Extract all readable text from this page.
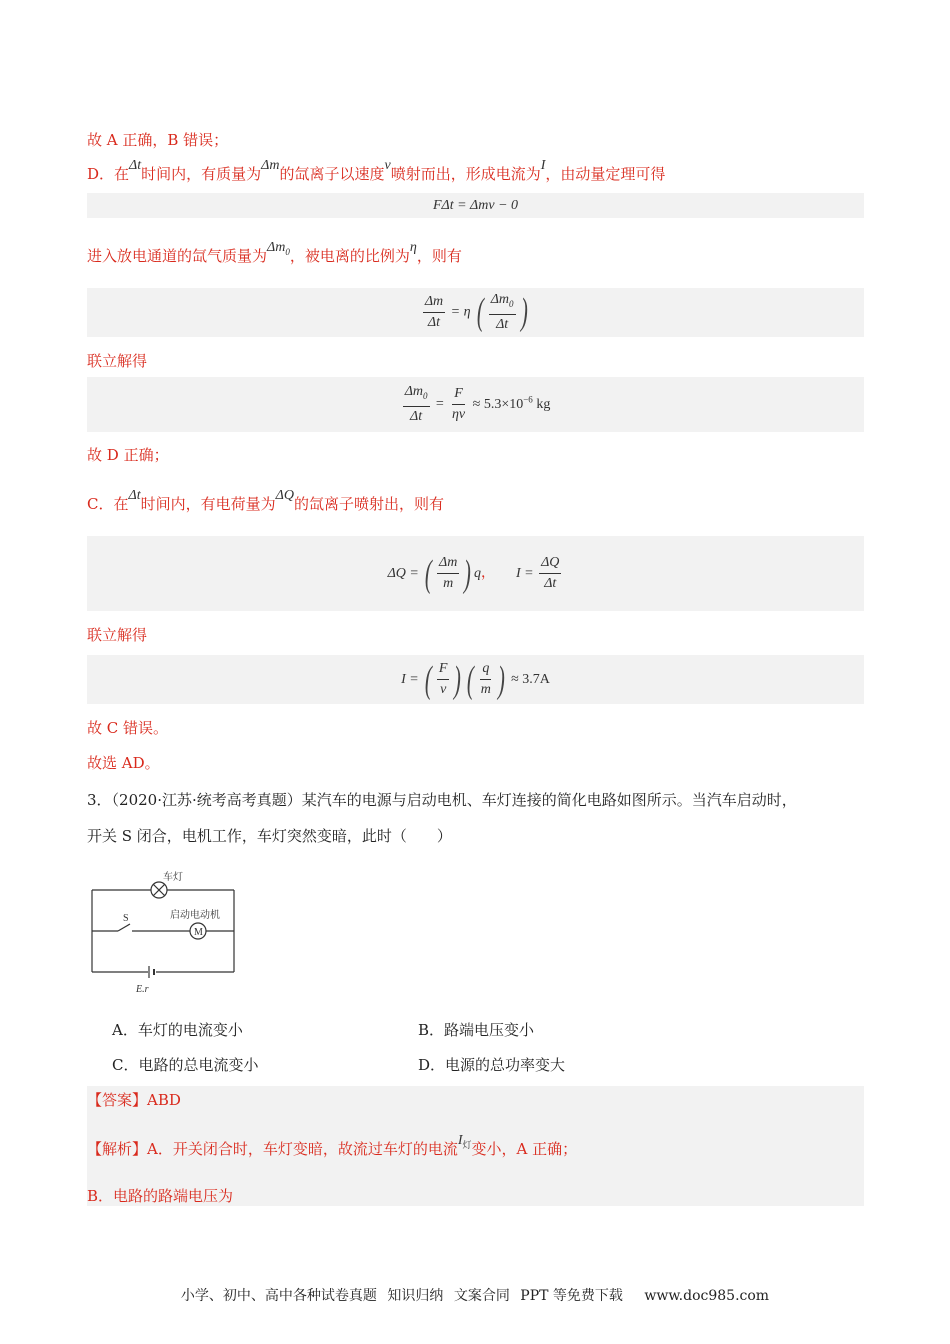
故 A 正确，B 错误；
D．在Δt时间内，有质量为Δm的氙离子以速度v喷射而出，形成电流为I，由动量定理可得
FΔt = Δmv − 0
进入放电通道的氙气质量为$\Delta m_0$，被电离的比例为η，则有
$\frac{\Delta m}{\Delta t} = \eta$ ( $\frac{\Delta m_0}{\Delta t}$ )
联立解得
$\frac{\Delta m_0}{\Delta t} = \frac{F}{\eta v} \approx 5.3\times 10^{-6}$ kg
故 D 正确；
C．在Δt时间内，有电荷量为ΔQ的氙离子喷射出，则有
ΔQ = ( $\frac{\Delta m}{m}$ ) q， $I = \frac{\Delta Q}{\Delta t}$
联立解得
I = ( $\frac{F}{v}$ ) ( $\frac{q}{m}$ ) ≈ 3.7A
故 C 错误。
故选 AD。
3．（2020·江苏·统考高考真题）某汽车的电源与启动电机、车灯连接的简化电路如图所示。当汽车启动时，
开关 S 闭合，电机工作，车灯突然变暗，此时（　　）
车灯
S	启动电动机
M
E.r
A．车灯的电流变小	B．路端电压变小
C．电路的总电流变小	D．电源的总功率变大
【答案】ABD
【解析】A．开关闭合时，车灯变暗，故流过车灯的电流$I_灯$变小，A 正确；
B．电路的路端电压为
小学、初中、高中各种试卷真题 知识归纳 文案合同 PPT 等免费下载 www.doc985.com
